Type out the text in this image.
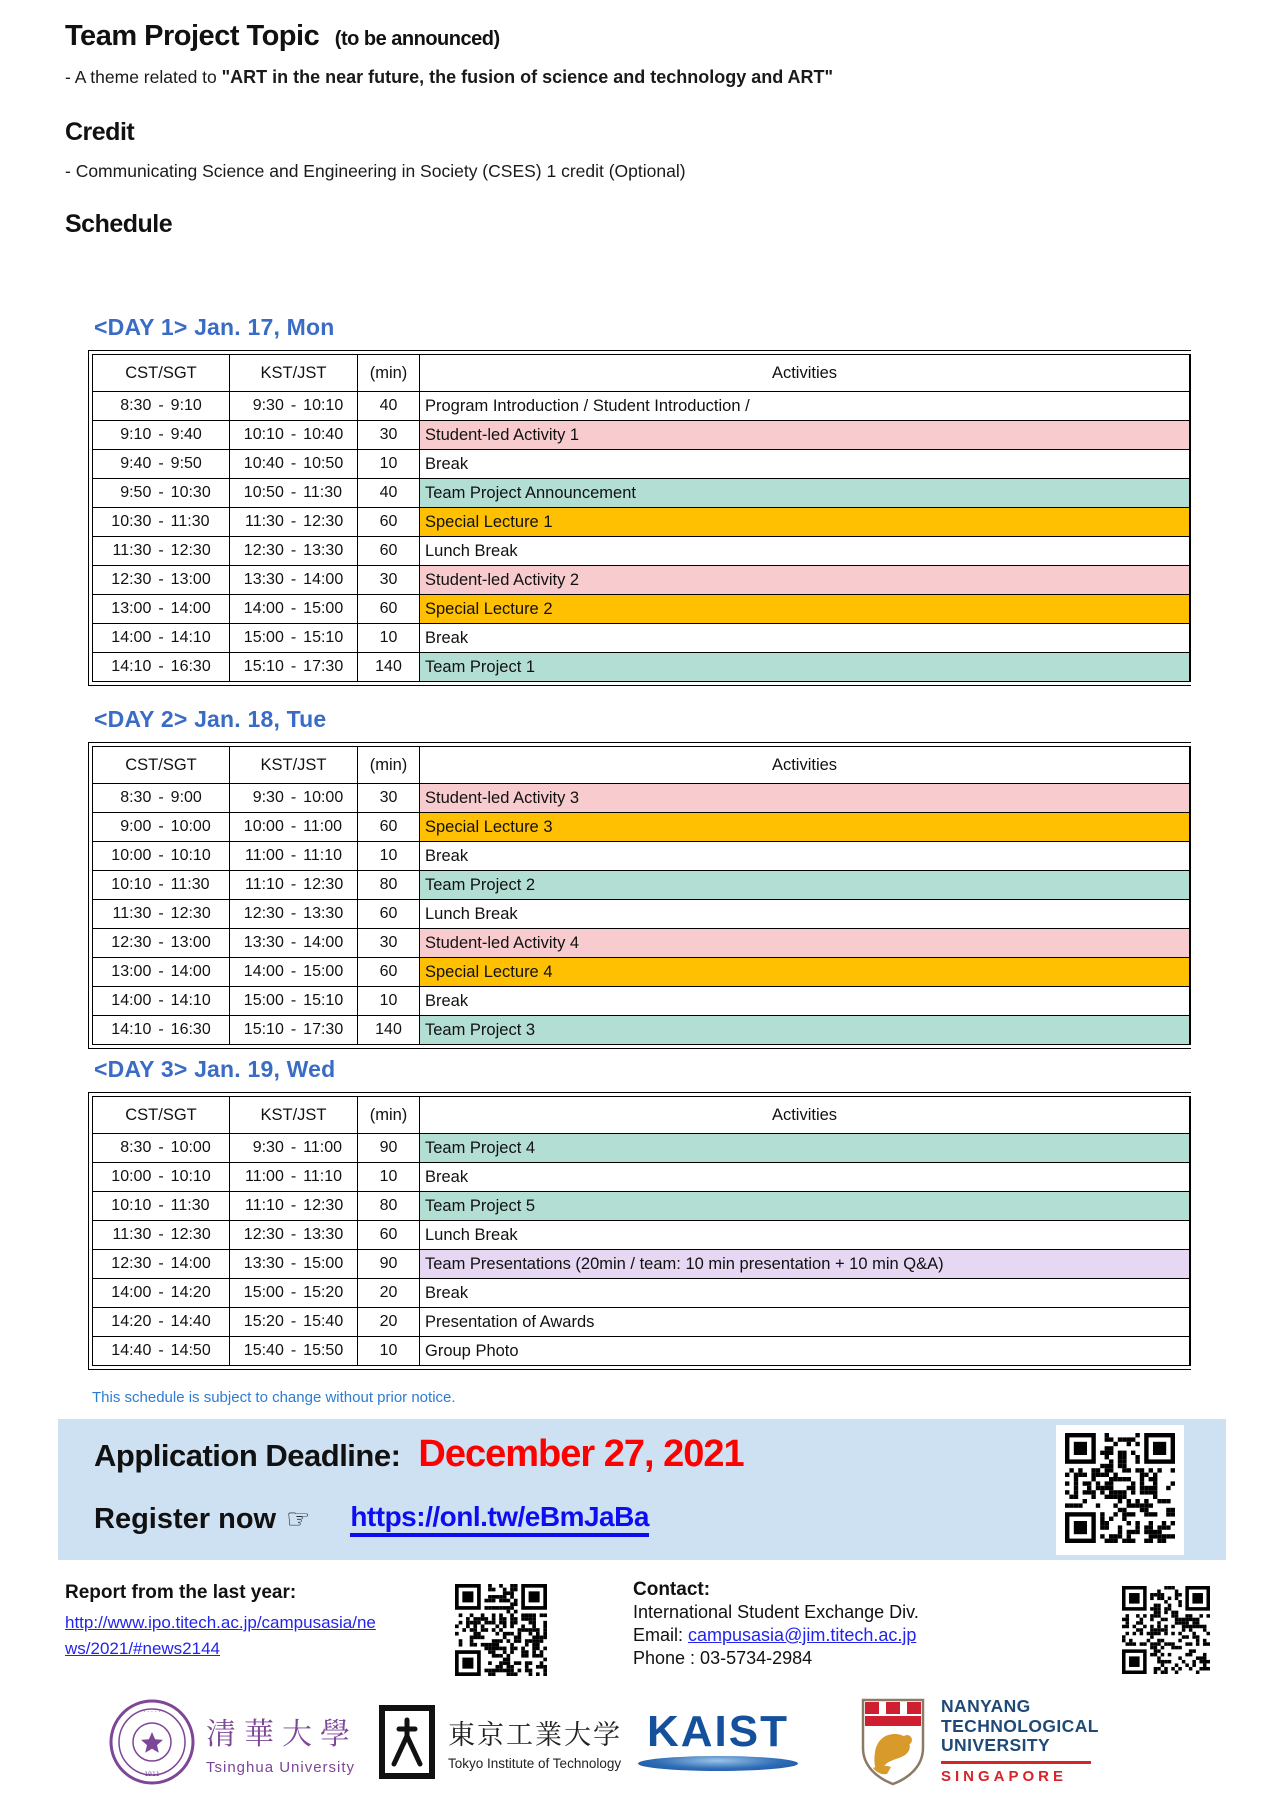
Team Project Topic (to be announced)
- A theme related to "ART in the near future, the fusion of science and technology and ART"
Credit
- Communicating Science and Engineering in Society (CSES) 1 credit (Optional)
Schedule
<DAY 1> Jan. 17, Mon
CST/SGT	KST/JST	(min)	Activities

8:30 - 9:10	9:30 - 10:10	40	Program Introduction / Student Introduction /

9:10 - 9:40	10:10 - 10:40	30	Student-led Activity 1

9:40 - 9:50	10:40 - 10:50	10	Break

9:50 - 10:30	10:50 - 11:30	40	Team Project Announcement

10:30 - 11:30	11:30 - 12:30	60	Special Lecture 1

11:30 - 12:30	12:30 - 13:30	60	Lunch Break

12:30 - 13:00	13:30 - 14:00	30	Student-led Activity 2

13:00 - 14:00	14:00 - 15:00	60	Special Lecture 2

14:00 - 14:10	15:00 - 15:10	10	Break

14:10 - 16:30	15:10 - 17:30	140	Team Project 1
<DAY 2> Jan. 18, Tue
CST/SGT	KST/JST	(min)	Activities

8:30 - 9:00	9:30 - 10:00	30	Student-led Activity 3

9:00 - 10:00	10:00 - 11:00	60	Special Lecture 3

10:00 - 10:10	11:00 - 11:10	10	Break

10:10 - 11:30	11:10 - 12:30	80	Team Project 2

11:30 - 12:30	12:30 - 13:30	60	Lunch Break

12:30 - 13:00	13:30 - 14:00	30	Student-led Activity 4

13:00 - 14:00	14:00 - 15:00	60	Special Lecture 4

14:00 - 14:10	15:00 - 15:10	10	Break

14:10 - 16:30	15:10 - 17:30	140	Team Project 3
<DAY 3> Jan. 19, Wed
CST/SGT	KST/JST	(min)	Activities

8:30 - 10:00	9:30 - 11:00	90	Team Project 4

10:00 - 10:10	11:00 - 11:10	10	Break

10:10 - 11:30	11:10 - 12:30	80	Team Project 5

11:30 - 12:30	12:30 - 13:30	60	Lunch Break

12:30 - 14:00	13:30 - 15:00	90	Team Presentations (20min / team: 10 min presentation + 10 min Q&A)

14:00 - 14:20	15:00 - 15:20	20	Break

14:20 - 14:40	15:20 - 15:40	20	Presentation of Awards

14:40 - 14:50	15:40 - 15:50	10	Group Photo
This schedule is subject to change without prior notice.
Application Deadline: December 27, 2021
Register now ☞ https://onl.tw/eBmJaBa
Report from the last year:
http://www.ipo.titech.ac.jp/campusasia/ne
ws/2021/#news2144
Contact:
International Student Exchange Div.
Email: campusasia@jim.titech.ac.jp
Phone : 03-5734-2984
· · · · ·
· 1911 ·
清華大學
Tsinghua University
東京工業大学
Tokyo Institute of Technology
KAIST
NANYANG
TECHNOLOGICAL
UNIVERSITY
SINGAPORE
